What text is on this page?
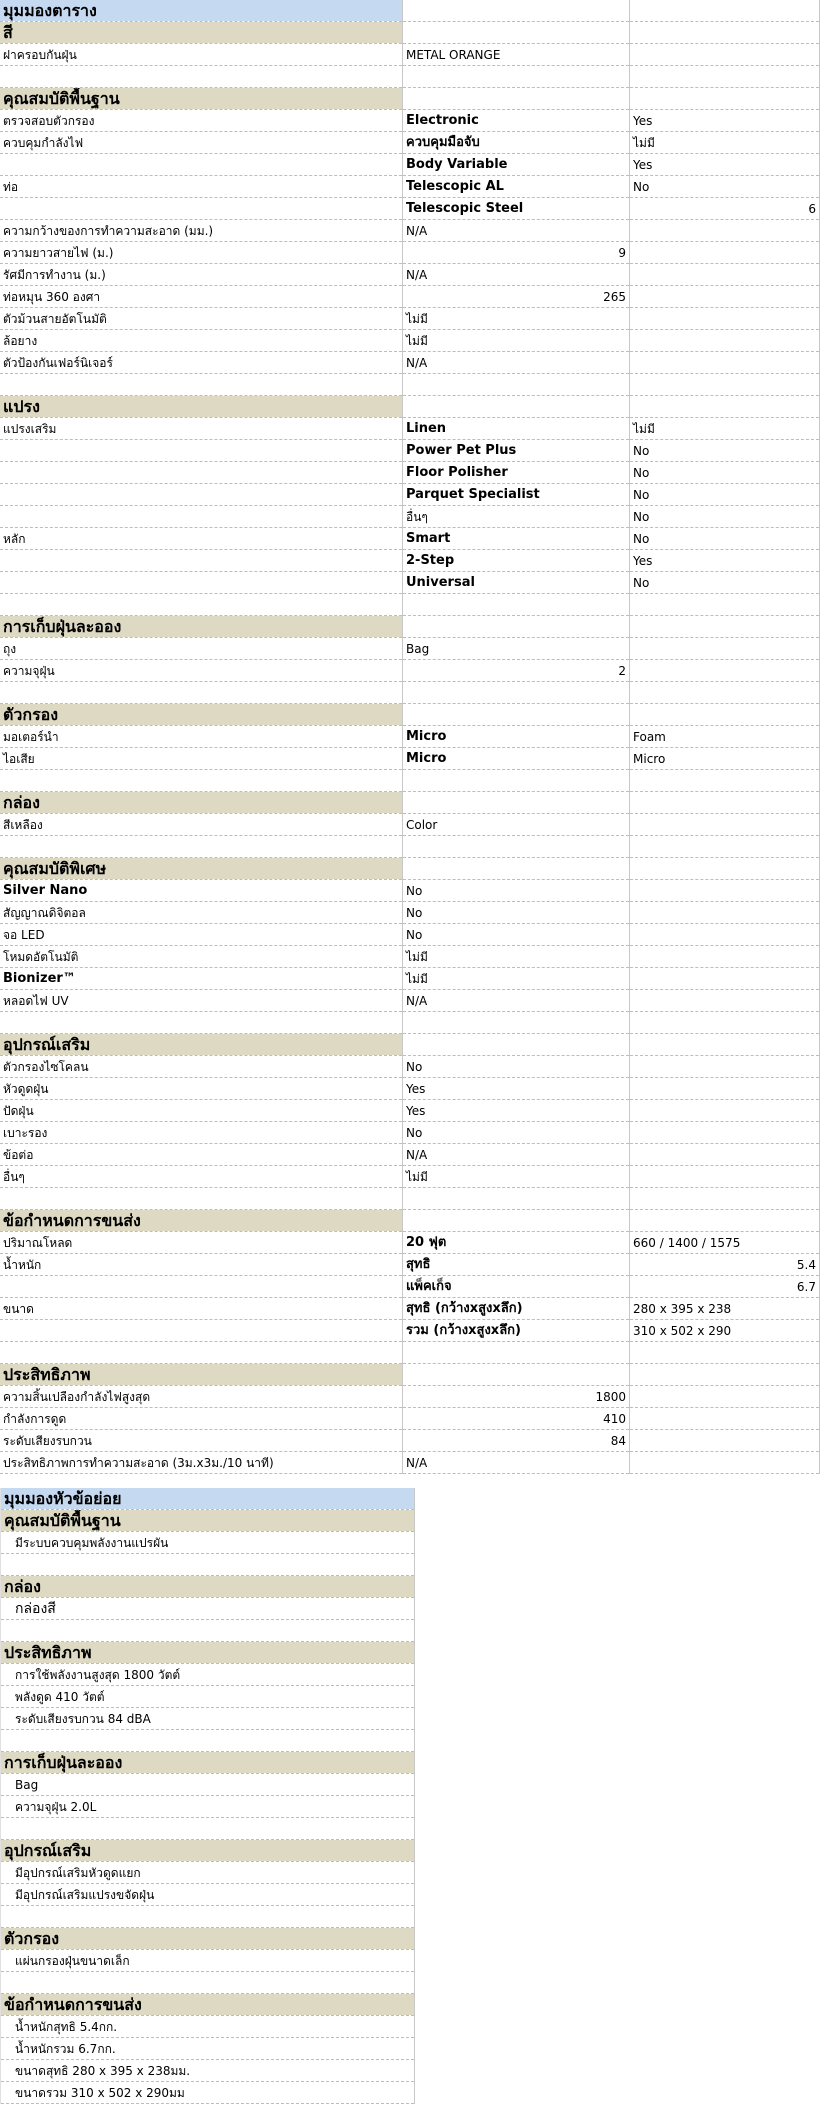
มุมมองตาราง		
สี		
ฝาครอบกันฝุ่น	METAL ORANGE	

คุณสมบัติพื้นฐาน		
ตรวจสอบตัวกรอง	Electronic	Yes
ควบคุมกำลังไฟ	ควบคุมมือจับ	ไม่มี
	Body Variable	Yes
ท่อ	Telescopic AL	No
	Telescopic Steel	6
ความกว้างของการทำความสะอาด (มม.)	N/A	
ความยาวสายไฟ (ม.)	9	
รัศมีการทำงาน (ม.)	N/A	
ท่อหมุน 360 องศา	265	
ตัวม้วนสายอัตโนมัติ	ไม่มี	
ล้อยาง	ไม่มี	
ตัวป้องกันเฟอร์นิเจอร์	N/A	

แปรง		
แปรงเสริม	Linen	ไม่มี
	Power Pet Plus	No
	Floor Polisher	No
	Parquet Specialist	No
	อื่นๆ	No
หลัก	Smart	No
	2-Step	Yes
	Universal	No

การเก็บฝุ่นละออง		
ถุง	Bag	
ความจุฝุ่น	2	

ตัวกรอง		
มอเตอร์นำ	Micro	Foam
ไอเสีย	Micro	Micro

กล่อง		
สีเหลือง	Color	

คุณสมบัติพิเศษ		
Silver Nano	No	
สัญญาณดิจิตอล	No	
จอ LED	No	
โหมดอัตโนมัติ	ไม่มี	
Bionizer™	ไม่มี	
หลอดไฟ UV	N/A	

อุปกรณ์เสริม		
ตัวกรองไซโคลน	No	
หัวดูดฝุ่น	Yes	
ปัดฝุ่น	Yes	
เบาะรอง	No	
ข้อต่อ	N/A	
อื่นๆ	ไม่มี	

ข้อกำหนดการขนส่ง		
ปริมาณโหลด	20 ฟุต	660 / 1400 / 1575
น้ำหนัก	สุทธิ	5.4
	แพ็คเก็จ	6.7
ขนาด	สุทธิ (กว้างxสูงxลึก)	280 x 395 x 238
	รวม (กว้างxสูงxลึก)	310 x 502 x 290

ประสิทธิภาพ		
ความสิ้นเปลืองกำลังไฟสูงสุด	1800	
กำลังการดูด	410	
ระดับเสียงรบกวน	84	
ประสิทธิภาพการทำความสะอาด (3ม.x3ม./10 นาที)	N/A	
มุมมองหัวข้อย่อย
คุณสมบัติพื้นฐาน
มีระบบควบคุมพลังงานแปรผัน

กล่อง
กล่องสี

ประสิทธิภาพ
การใช้พลังงานสูงสุด 1800 วัตต์
พลังดูด 410 วัตต์
ระดับเสียงรบกวน 84 dBA

การเก็บฝุ่นละออง
Bag
ความจุฝุ่น 2.0L

อุปกรณ์เสริม
มีอุปกรณ์เสริมหัวดูดแยก
มีอุปกรณ์เสริมแปรงขจัดฝุ่น

ตัวกรอง
แผ่นกรองฝุ่นขนาดเล็ก

ข้อกำหนดการขนส่ง
น้ำหนักสุทธิ 5.4กก.
น้ำหนักรวม 6.7กก.
ขนาดสุทธิ 280 x 395 x 238มม.
ขนาดรวม 310 x 502 x 290มม
